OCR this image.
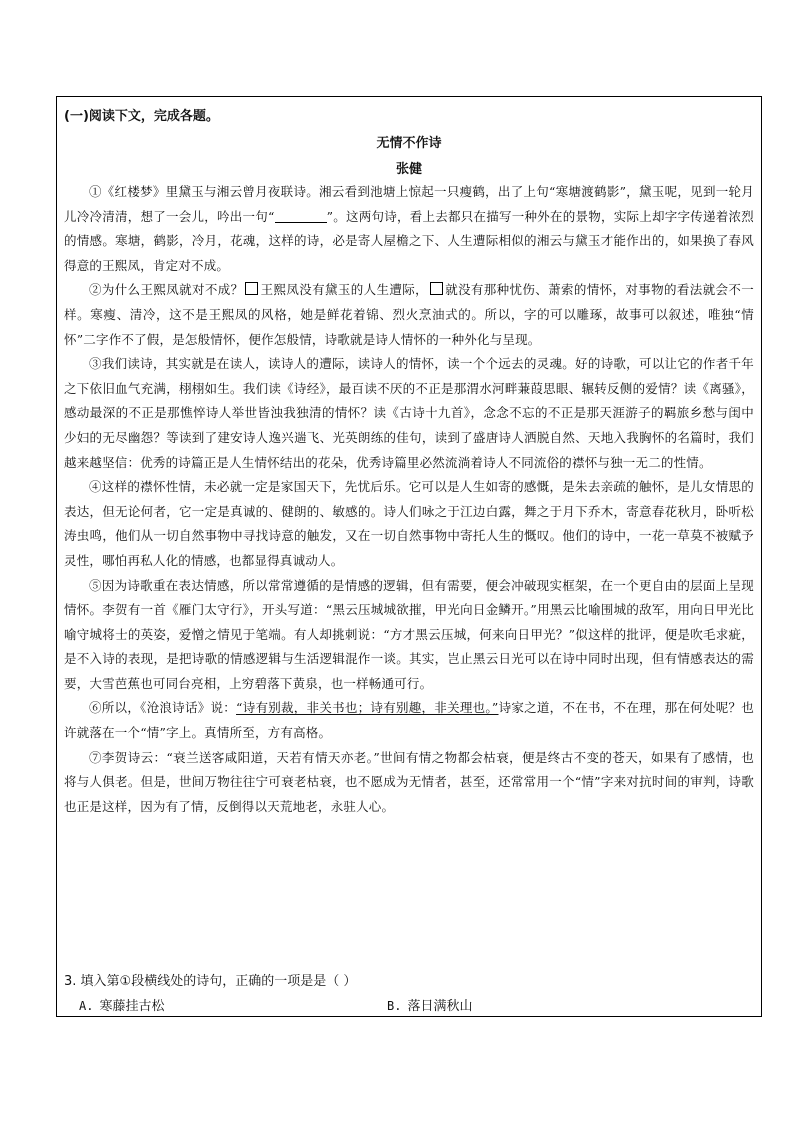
(一)阅读下文，完成各题。
无情不作诗
张健

①《红楼梦》里黛玉与湘云曾月夜联诗。湘云看到池塘上惊起一只瘦鹤，出了上句“寒塘渡鹤影”，黛玉呢，见到一轮月儿冷冷清清，想了一会儿，吟出一句“	”。这两句诗，看上去都只在描写一种外在的景物，实际上却字字传递着浓烈的情感。寒塘，鹤影，冷月，花魂，这样的诗，必是寄人屋檐之下、人生遭际相似的湘云与黛玉才能作出的，如果换了春风得意的王熙凤，肯定对不成。

②为什么王熙凤就对不成？ 王熙凤没有黛玉的人生遭际， 就没有那种忧伤、萧索的情怀，对事物的看法就会不一样。寒瘦、清冷，这不是王熙凤的风格，她是鲜花着锦、烈火烹油式的。所以，字的可以雕琢，故事可以叙述，唯独“情怀”二字作不了假，是怎般情怀，便作怎般情，诗歌就是诗人情怀的一种外化与呈现。

③我们读诗，其实就是在读人，读诗人的遭际，读诗人的情怀，读一个个远去的灵魂。好的诗歌，可以让它的作者千年之下依旧血气充满，栩栩如生。我们读《诗经》，最百读不厌的不正是那渭水河畔蒹葭思眼、辗转反侧的爱情？读《离骚》，感动最深的不正是那憔悴诗人举世皆浊我独清的情怀？读《古诗十九首》，念念不忘的不正是那天涯游子的羁旅乡愁与闺中少妇的无尽幽怨？等读到了建安诗人逸兴遄飞、光英朗练的佳句，读到了盛唐诗人洒脱自然、天地入我胸怀的名篇时，我们越来越坚信：优秀的诗篇正是人生情怀结出的花朵，优秀诗篇里必然流淌着诗人不同流俗的襟怀与独一无二的性情。

④这样的襟怀性情，未必就一定是家国天下，先忧后乐。它可以是人生如寄的感慨，是朱去亲疏的触怀，是儿女情思的表达，但无论何者，它一定是真诚的、健朗的、敏感的。诗人们咏之于江边白露，舞之于月下乔木，寄意春花秋月，卧听松涛虫鸣，他们从一切自然事物中寻找诗意的触发，又在一切自然事物中寄托人生的慨叹。他们的诗中，一花一草莫不被赋予灵性，哪怕再私人化的情感，也都显得真诚动人。

⑤因为诗歌重在表达情感，所以常常遵循的是情感的逻辑，但有需要，便会冲破现实框架，在一个更自由的层面上呈现情怀。李贺有一首《雁门太守行》，开头写道：“黑云压城城欲摧，甲光向日金鳞开。”用黑云比喻围城的敌军，用向日甲光比喻守城将士的英姿，爱憎之情见于笔端。有人却挑刺说：“方才黑云压城，何来向日甲光？”似这样的批评，便是吹毛求疵，是不入诗的表现，是把诗歌的情感逻辑与生活逻辑混作一谈。其实，岂止黑云日光可以在诗中同时出现，但有情感表达的需要，大雪芭蕉也可同台亮相，上穷碧落下黄泉，也一样畅通可行。

⑥所以，《沧浪诗话》说：“诗有别裁，非关书也；诗有别趣，非关理也。”诗家之道，不在书，不在理，那在何处呢？也许就落在一个“情”字上。真情所至，方有高格。

⑦李贺诗云：“衰兰送客咸阳道，天若有情天亦老。”世间有情之物都会枯衰，便是终古不变的苍天，如果有了感情，也将与人俱老。但是，世间万物往往宁可衰老枯衰，也不愿成为无情者，甚至，还常常用一个“情”字来对抗时间的审判，诗歌也正是这样，因为有了情，反倒得以天荒地老，永驻人心。

3. 填入第①段横线处的诗句，正确的一项是是（ ）
A. 寒藤挂古松	B. 落日满秋山
